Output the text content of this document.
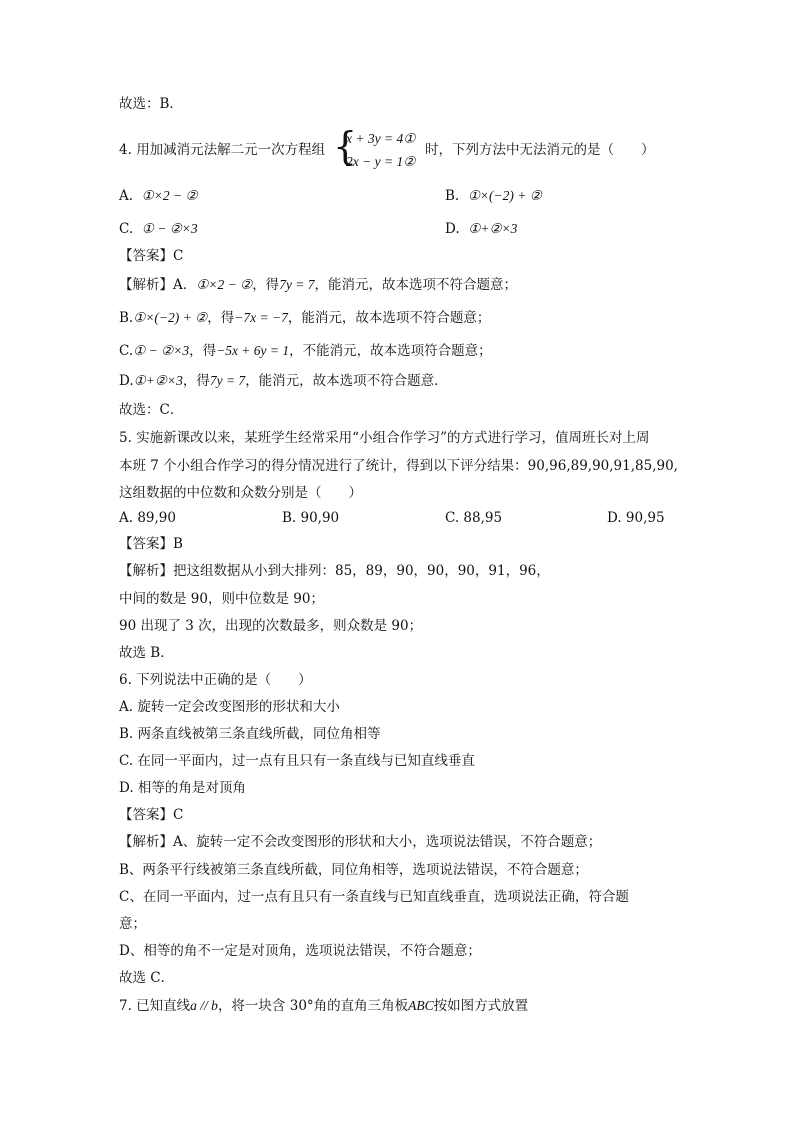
故选：B．
4. 用加减消元法解二元一次方程组 {
x + 3y = 4①
2x − y = 1②
时，下列方法中无法消元的是（　　）
A. ①×2 − ②	B. ①×(−2) + ②
C. ① − ②×3	D. ①+②×3
【答案】C
【解析】A．①×2 − ②，得7y = 7，能消元，故本选项不符合题意；
B.①×(−2) + ②，得−7x = −7，能消元，故本选项不符合题意；
C.① − ②×3，得−5x + 6y = 1，不能消元，故本选项符合题意；
D.①+②×3，得7y = 7，能消元，故本选项不符合题意．
故选：C．
5. 实施新课改以来，某班学生经常采用“小组合作学习”的方式进行学习，值周班长对上周
本班 7 个小组合作学习的得分情况进行了统计，得到以下评分结果：90,96,89,90,91,85,90,
这组数据的中位数和众数分别是（　　）
A. 89,90	B. 90,90	C. 88,95	D. 90,95
【答案】B
【解析】把这组数据从小到大排列：85，89，90，90，90，91，96，
中间的数是 90，则中位数是 90；
90 出现了 3 次，出现的次数最多，则众数是 90；
故选 B．
6. 下列说法中正确的是（　　）
A. 旋转一定会改变图形的形状和大小
B. 两条直线被第三条直线所截，同位角相等
C. 在同一平面内，过一点有且只有一条直线与已知直线垂直
D. 相等的角是对顶角
【答案】C
【解析】A、旋转一定不会改变图形的形状和大小，选项说法错误，不符合题意；
B、两条平行线被第三条直线所截，同位角相等，选项说法错误，不符合题意；
C、在同一平面内，过一点有且只有一条直线与已知直线垂直，选项说法正确，符合题
意；
D、相等的角不一定是对顶角，选项说法错误，不符合题意；
故选 C．
7. 已知直线a // b，将一块含 30°角的直角三角板ABC按如图方式放置
